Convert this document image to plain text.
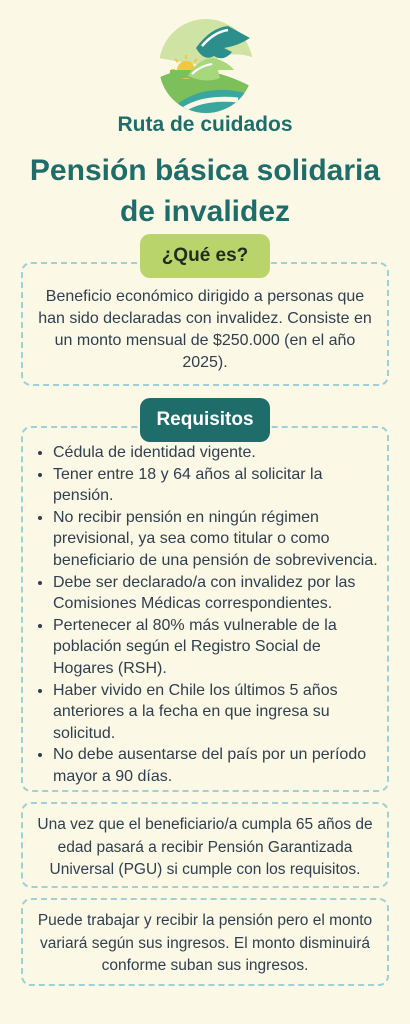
Ruta de cuidados
Pensión básica solidaria de invalidez
Beneficio económico dirigido a personas que han sido declaradas con invalidez. Consiste en un monto mensual de $250.000 (en el año 2025).
¿Qué es?
• Cédula de identidad vigente.
• Tener entre 18 y 64 años al solicitar la pensión.
• No recibir pensión en ningún régimen previsional, ya sea como titular o como beneficiario de una pensión de sobrevivencia.
• Debe ser declarado/a con invalidez por las Comisiones Médicas correspondientes.
• Pertenecer al 80% más vulnerable de la población según el Registro Social de Hogares (RSH).
• Haber vivido en Chile los últimos 5 años anteriores a la fecha en que ingresa su solicitud.
• No debe ausentarse del país por un período mayor a 90 días.
Requisitos
Una vez que el beneficiario/a cumpla 65 años de edad pasará a recibir Pensión Garantizada Universal (PGU) si cumple con los requisitos.
Puede trabajar y recibir la pensión pero el monto variará según sus ingresos. El monto disminuirá conforme suban sus ingresos.
